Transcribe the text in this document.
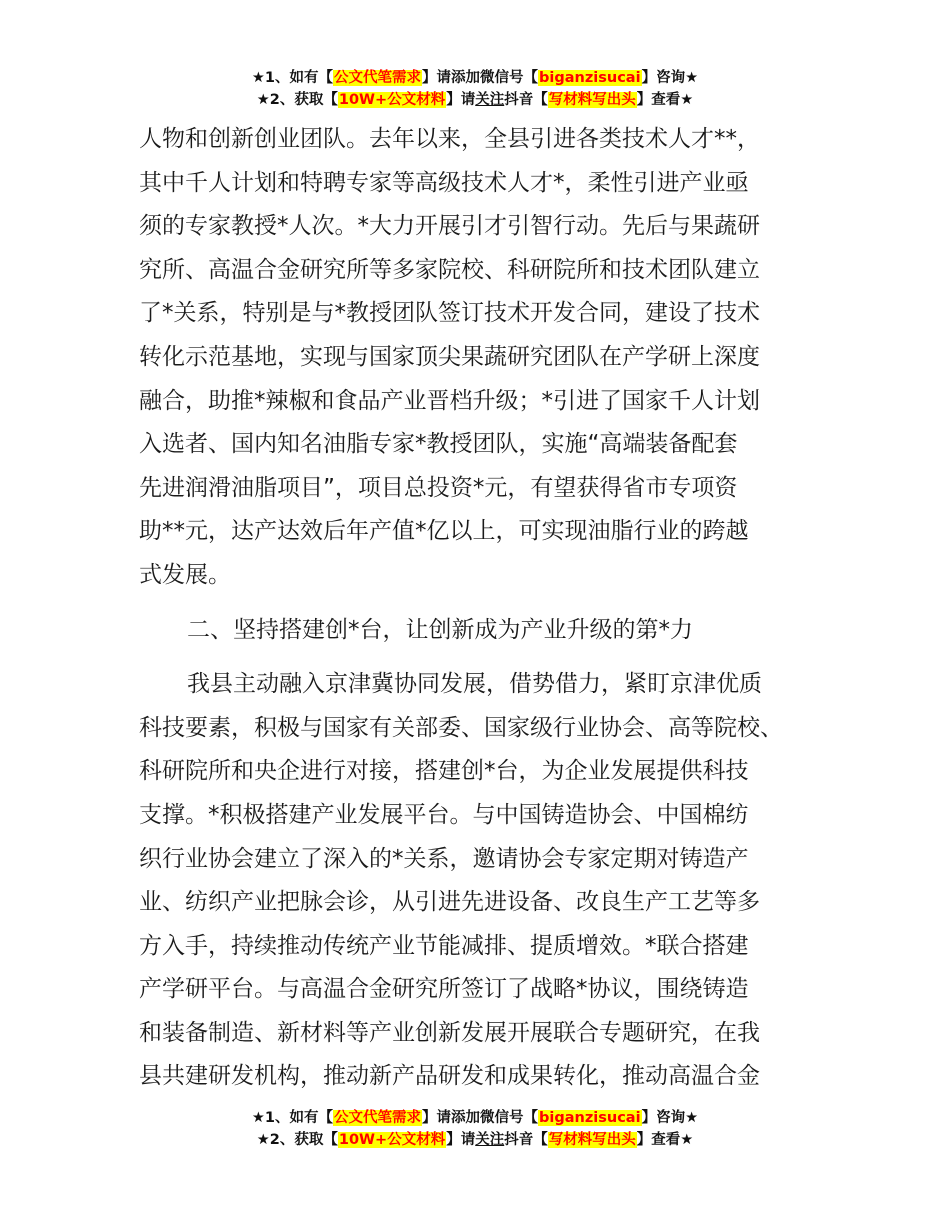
★1、如有【公文代笔需求】请添加微信号【biganzisucai】咨询★
★2、获取【10W+公文材料】请关注抖音【写材料写出头】查看★
人物和创新创业团队。去年以来，全县引进各类技术人才**，
其中千人计划和特聘专家等高级技术人才*，柔性引进产业亟
须的专家教授*人次。*大力开展引才引智行动。先后与果蔬研
究所、高温合金研究所等多家院校、科研院所和技术团队建立
了*关系，特别是与*教授团队签订技术开发合同，建设了技术
转化示范基地，实现与国家顶尖果蔬研究团队在产学研上深度
融合，助推*辣椒和食品产业晋档升级；*引进了国家千人计划
入选者、国内知名油脂专家*教授团队，实施“高端装备配套
先进润滑油脂项目”，项目总投资*元，有望获得省市专项资
助**元，达产达效后年产值*亿以上，可实现油脂行业的跨越
式发展。
二、坚持搭建创*台，让创新成为产业升级的第*力
我县主动融入京津冀协同发展，借势借力，紧盯京津优质
科技要素，积极与国家有关部委、国家级行业协会、高等院校、
科研院所和央企进行对接，搭建创*台，为企业发展提供科技
支撑。*积极搭建产业发展平台。与中国铸造协会、中国棉纺
织行业协会建立了深入的*关系，邀请协会专家定期对铸造产
业、纺织产业把脉会诊，从引进先进设备、改良生产工艺等多
方入手，持续推动传统产业节能减排、提质增效。*联合搭建
产学研平台。与高温合金研究所签订了战略*协议，围绕铸造
和装备制造、新材料等产业创新发展开展联合专题研究，在我
县共建研发机构，推动新产品研发和成果转化，推动高温合金
★1、如有【公文代笔需求】请添加微信号【biganzisucai】咨询★
★2、获取【10W+公文材料】请关注抖音【写材料写出头】查看★
